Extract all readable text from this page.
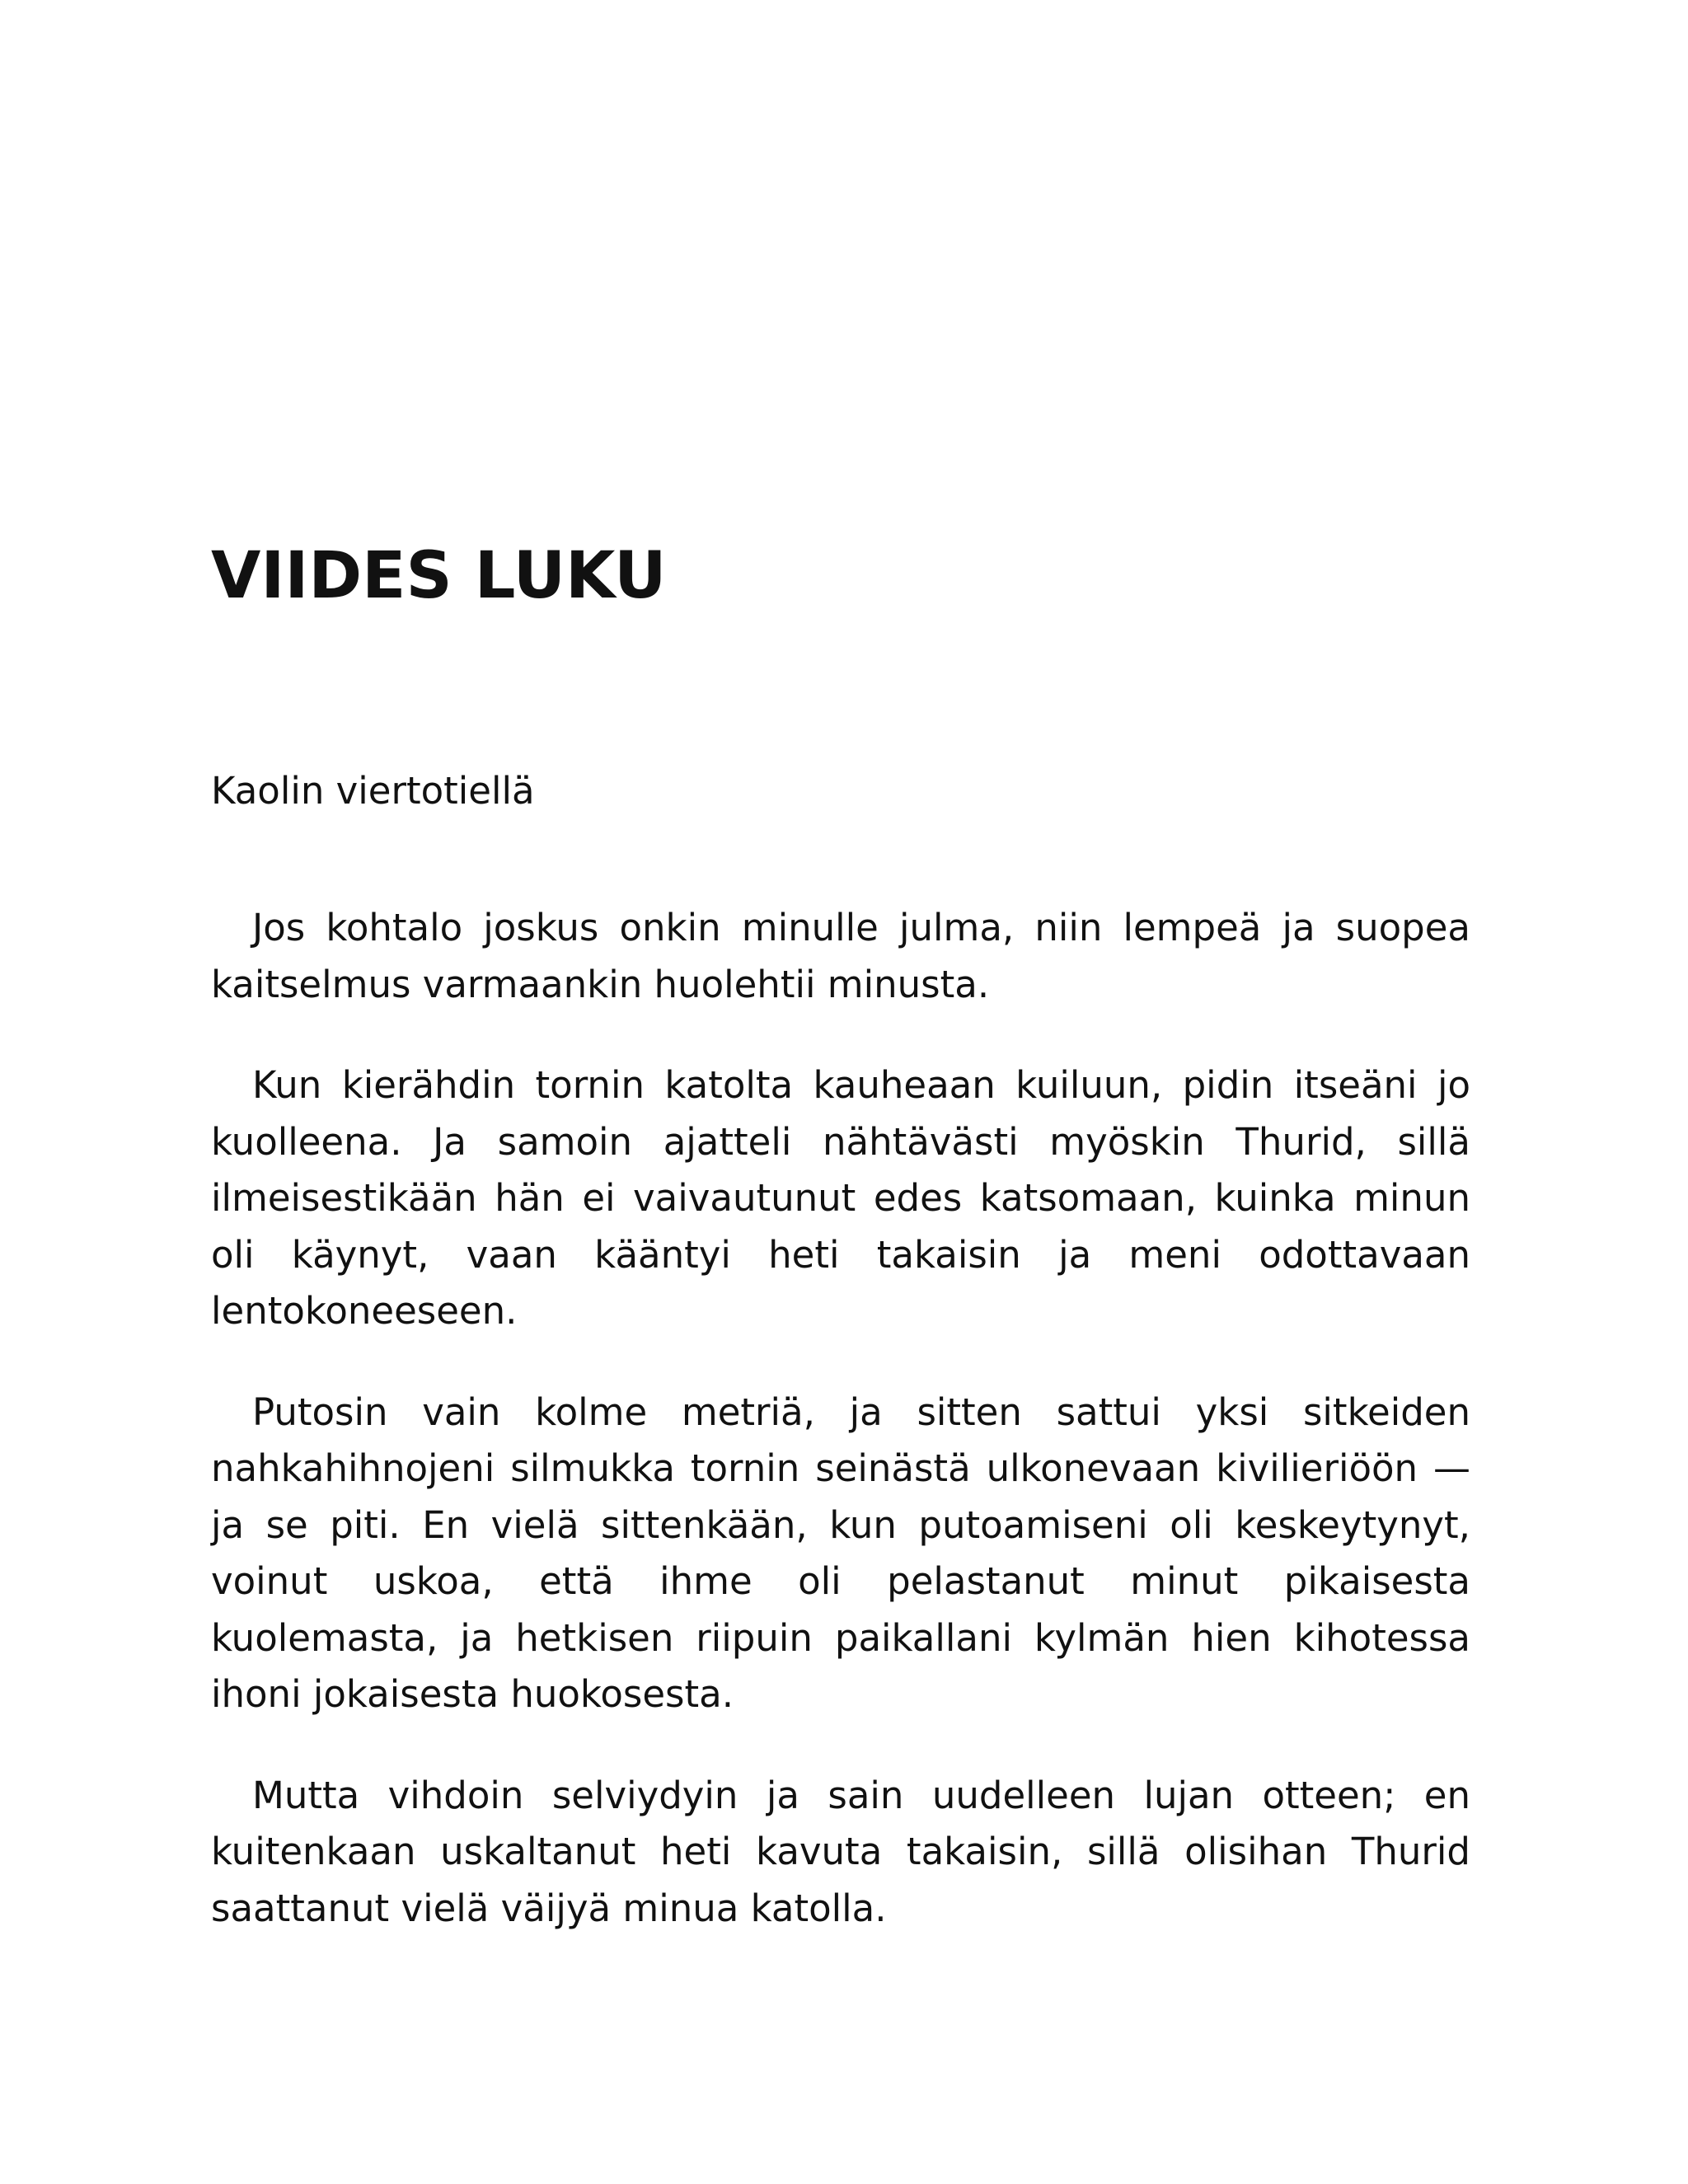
VIIDES LUKU

Kaolin viertotiellä

Jos kohtalo joskus onkin minulle julma, niin lempeä ja suopea kaitselmus varmaankin huolehtii minusta.

Kun kierähdin tornin katolta kauheaan kuiluun, pidin itseäni jo kuolleena. Ja samoin ajatteli nähtävästi myöskin Thurid, sillä ilmeisestikään hän ei vaivautunut edes katsomaan, kuinka minun oli käynyt, vaan kääntyi heti takaisin ja meni odottavaan lentokoneeseen.

Putosin vain kolme metriä, ja sitten sattui yksi sitkeiden nahkahihnojeni silmukka tornin seinästä ulkonevaan kivilieriöön — ja se piti. En vielä sittenkään, kun putoamiseni oli keskeytynyt, voinut uskoa, että ihme oli pelastanut minut pikaisesta kuolemasta, ja hetkisen riipuin paikallani kylmän hien kihotessa ihoni jokaisesta huokosesta.

Mutta vihdoin selviydyin ja sain uudelleen lujan otteen; en kuitenkaan uskaltanut heti kavuta takaisin, sillä olisihan Thurid saattanut vielä väijyä minua katolla.
